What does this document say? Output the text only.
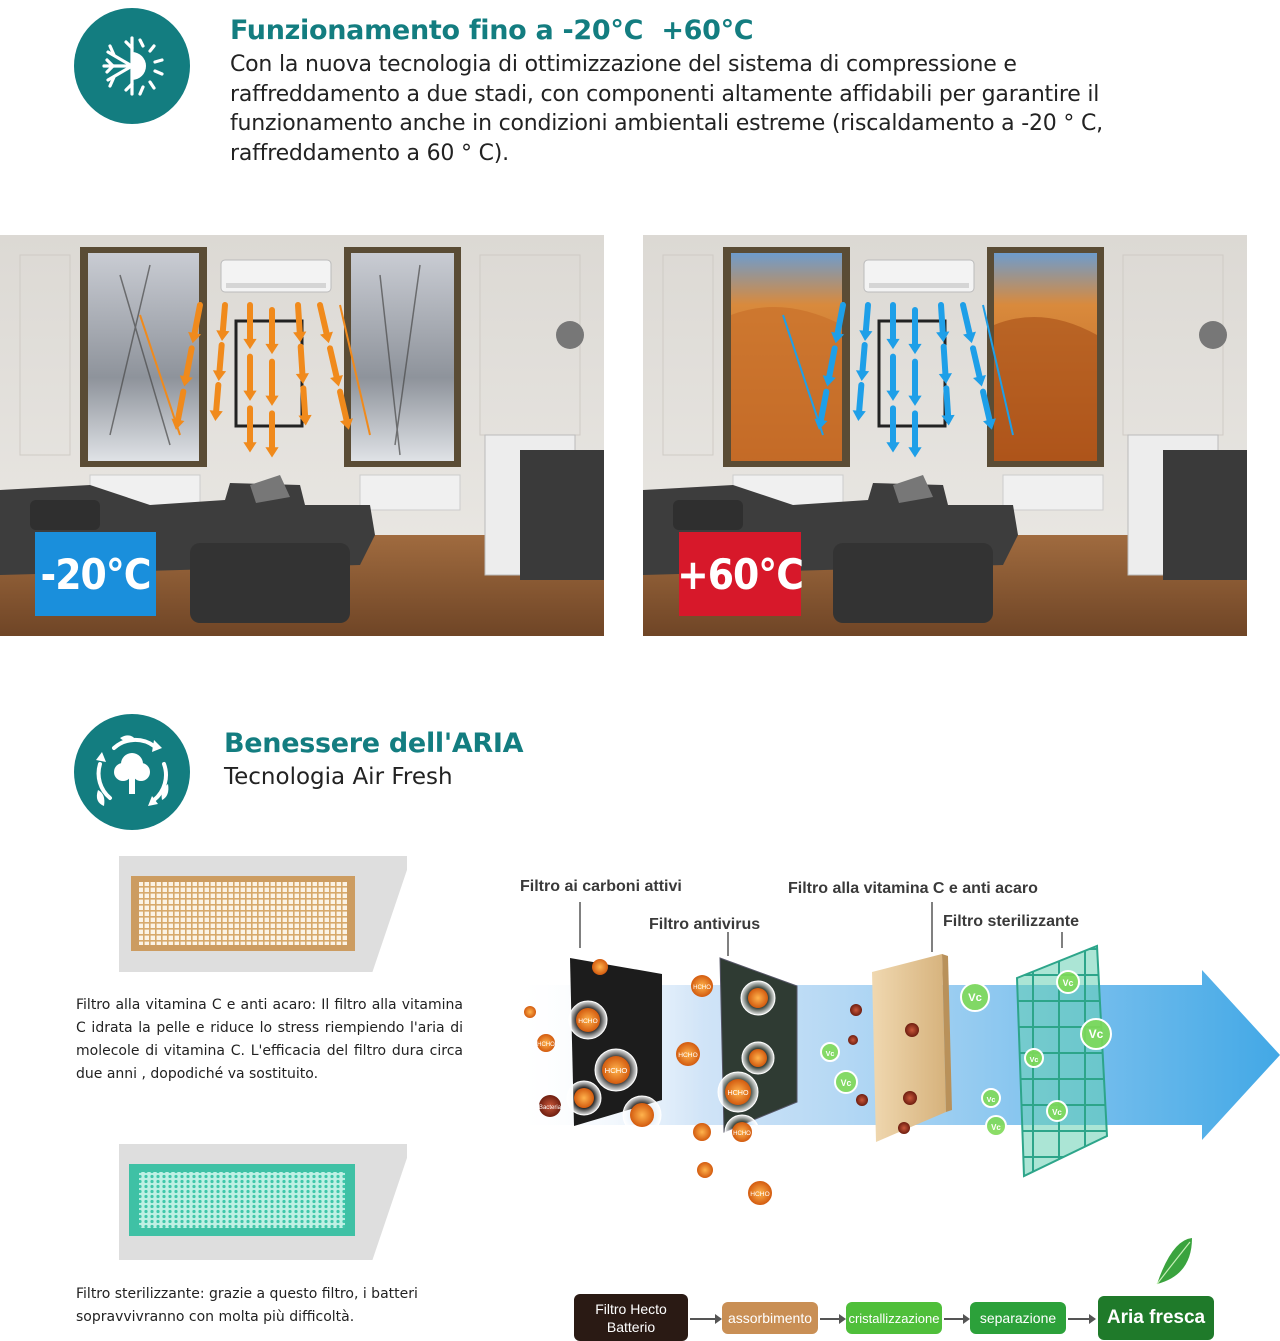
Funzionamento fino a -20°C  +60°C
Con la nuova tecnologia di ottimizzazione del sistema di compressione e
raffreddamento a due stadi, con componenti altamente affidabili per garantire il
funzionamento anche in condizioni ambientali estreme (riscaldamento a -20 ° C,
raffreddamento a 60 ° C).
-20°C	+60°C
Benessere dell'ARIA
Tecnologia Air Fresh
Filtro alla vitamina C e anti acaro: Il filtro alla vitamina C idrata la pelle e riduce lo stress riempiendo l'aria di molecole di vitamina C. L'efficacia del filtro dura circa due anni , dopodiché va sostituito.
Filtro sterilizzante: grazie a questo filtro, i batteri sopravvivranno con molta più difficoltà.
HCHO
HCHO
HCHO
Bacteria
HCHO
HCHO
HCHO
HCHO
HCHO
Vc
Vc
Vc
Vc
Vc
Vc
Vc
Vc
Vc
Filtro ai carboni attivi
Filtro antivirus
Filtro alla vitamina C e anti acaro
Filtro sterilizzante
Filtro Hecto
Batterio
assorbimento	cristallizzazione	separazione	Aria fresca
